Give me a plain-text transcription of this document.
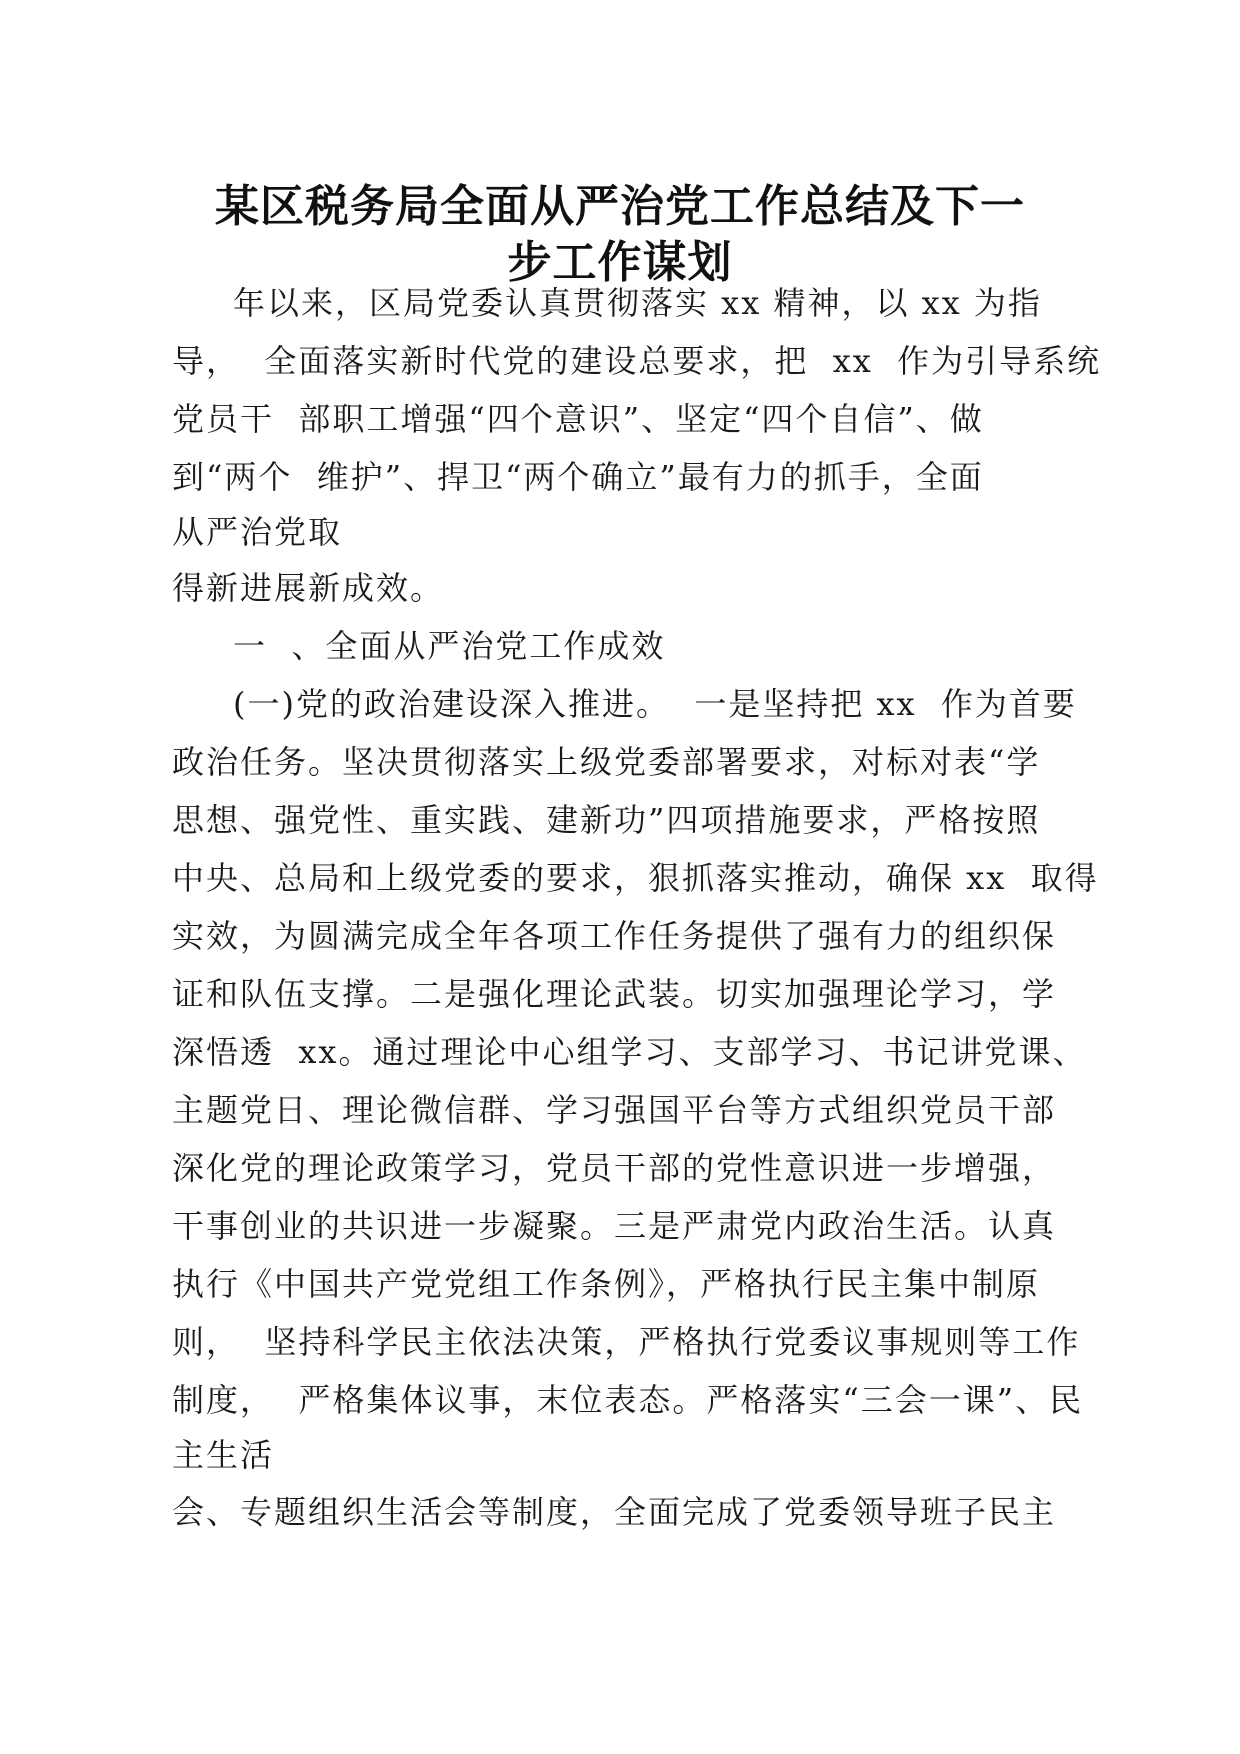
某区税务局全面从严治党工作总结及下一
步工作谋划
年以来，区局党委认真贯彻落实 xx 精神，以 xx 为指
导，  全面落实新时代党的建设总要求，把  xx  作为引导系统
党员干  部职工增强“四个意识”、坚定“四个自信”、做
到“两个  维护”、捍卫“两个确立”最有力的抓手，全面
从严治党取
得新进展新成效。
一  、全面从严治党工作成效
(一)党的政治建设深入推进。  一是坚持把 xx  作为首要
政治任务。坚决贯彻落实上级党委部署要求，对标对表“学
思想、强党性、重实践、建新功”四项措施要求，严格按照
中央、总局和上级党委的要求，狠抓落实推动，确保 xx  取得
实效，为圆满完成全年各项工作任务提供了强有力的组织保
证和队伍支撑。二是强化理论武装。切实加强理论学习，学
深悟透  xx。通过理论中心组学习、支部学习、书记讲党课、
主题党日、理论微信群、学习强国平台等方式组织党员干部
深化党的理论政策学习，党员干部的党性意识进一步增强，
干事创业的共识进一步凝聚。三是严肃党内政治生活。认真
执行《中国共产党党组工作条例》，严格执行民主集中制原
则，  坚持科学民主依法决策，严格执行党委议事规则等工作
制度，  严格集体议事，末位表态。严格落实“三会一课”、民
主生活
会、专题组织生活会等制度，全面完成了党委领导班子民主
